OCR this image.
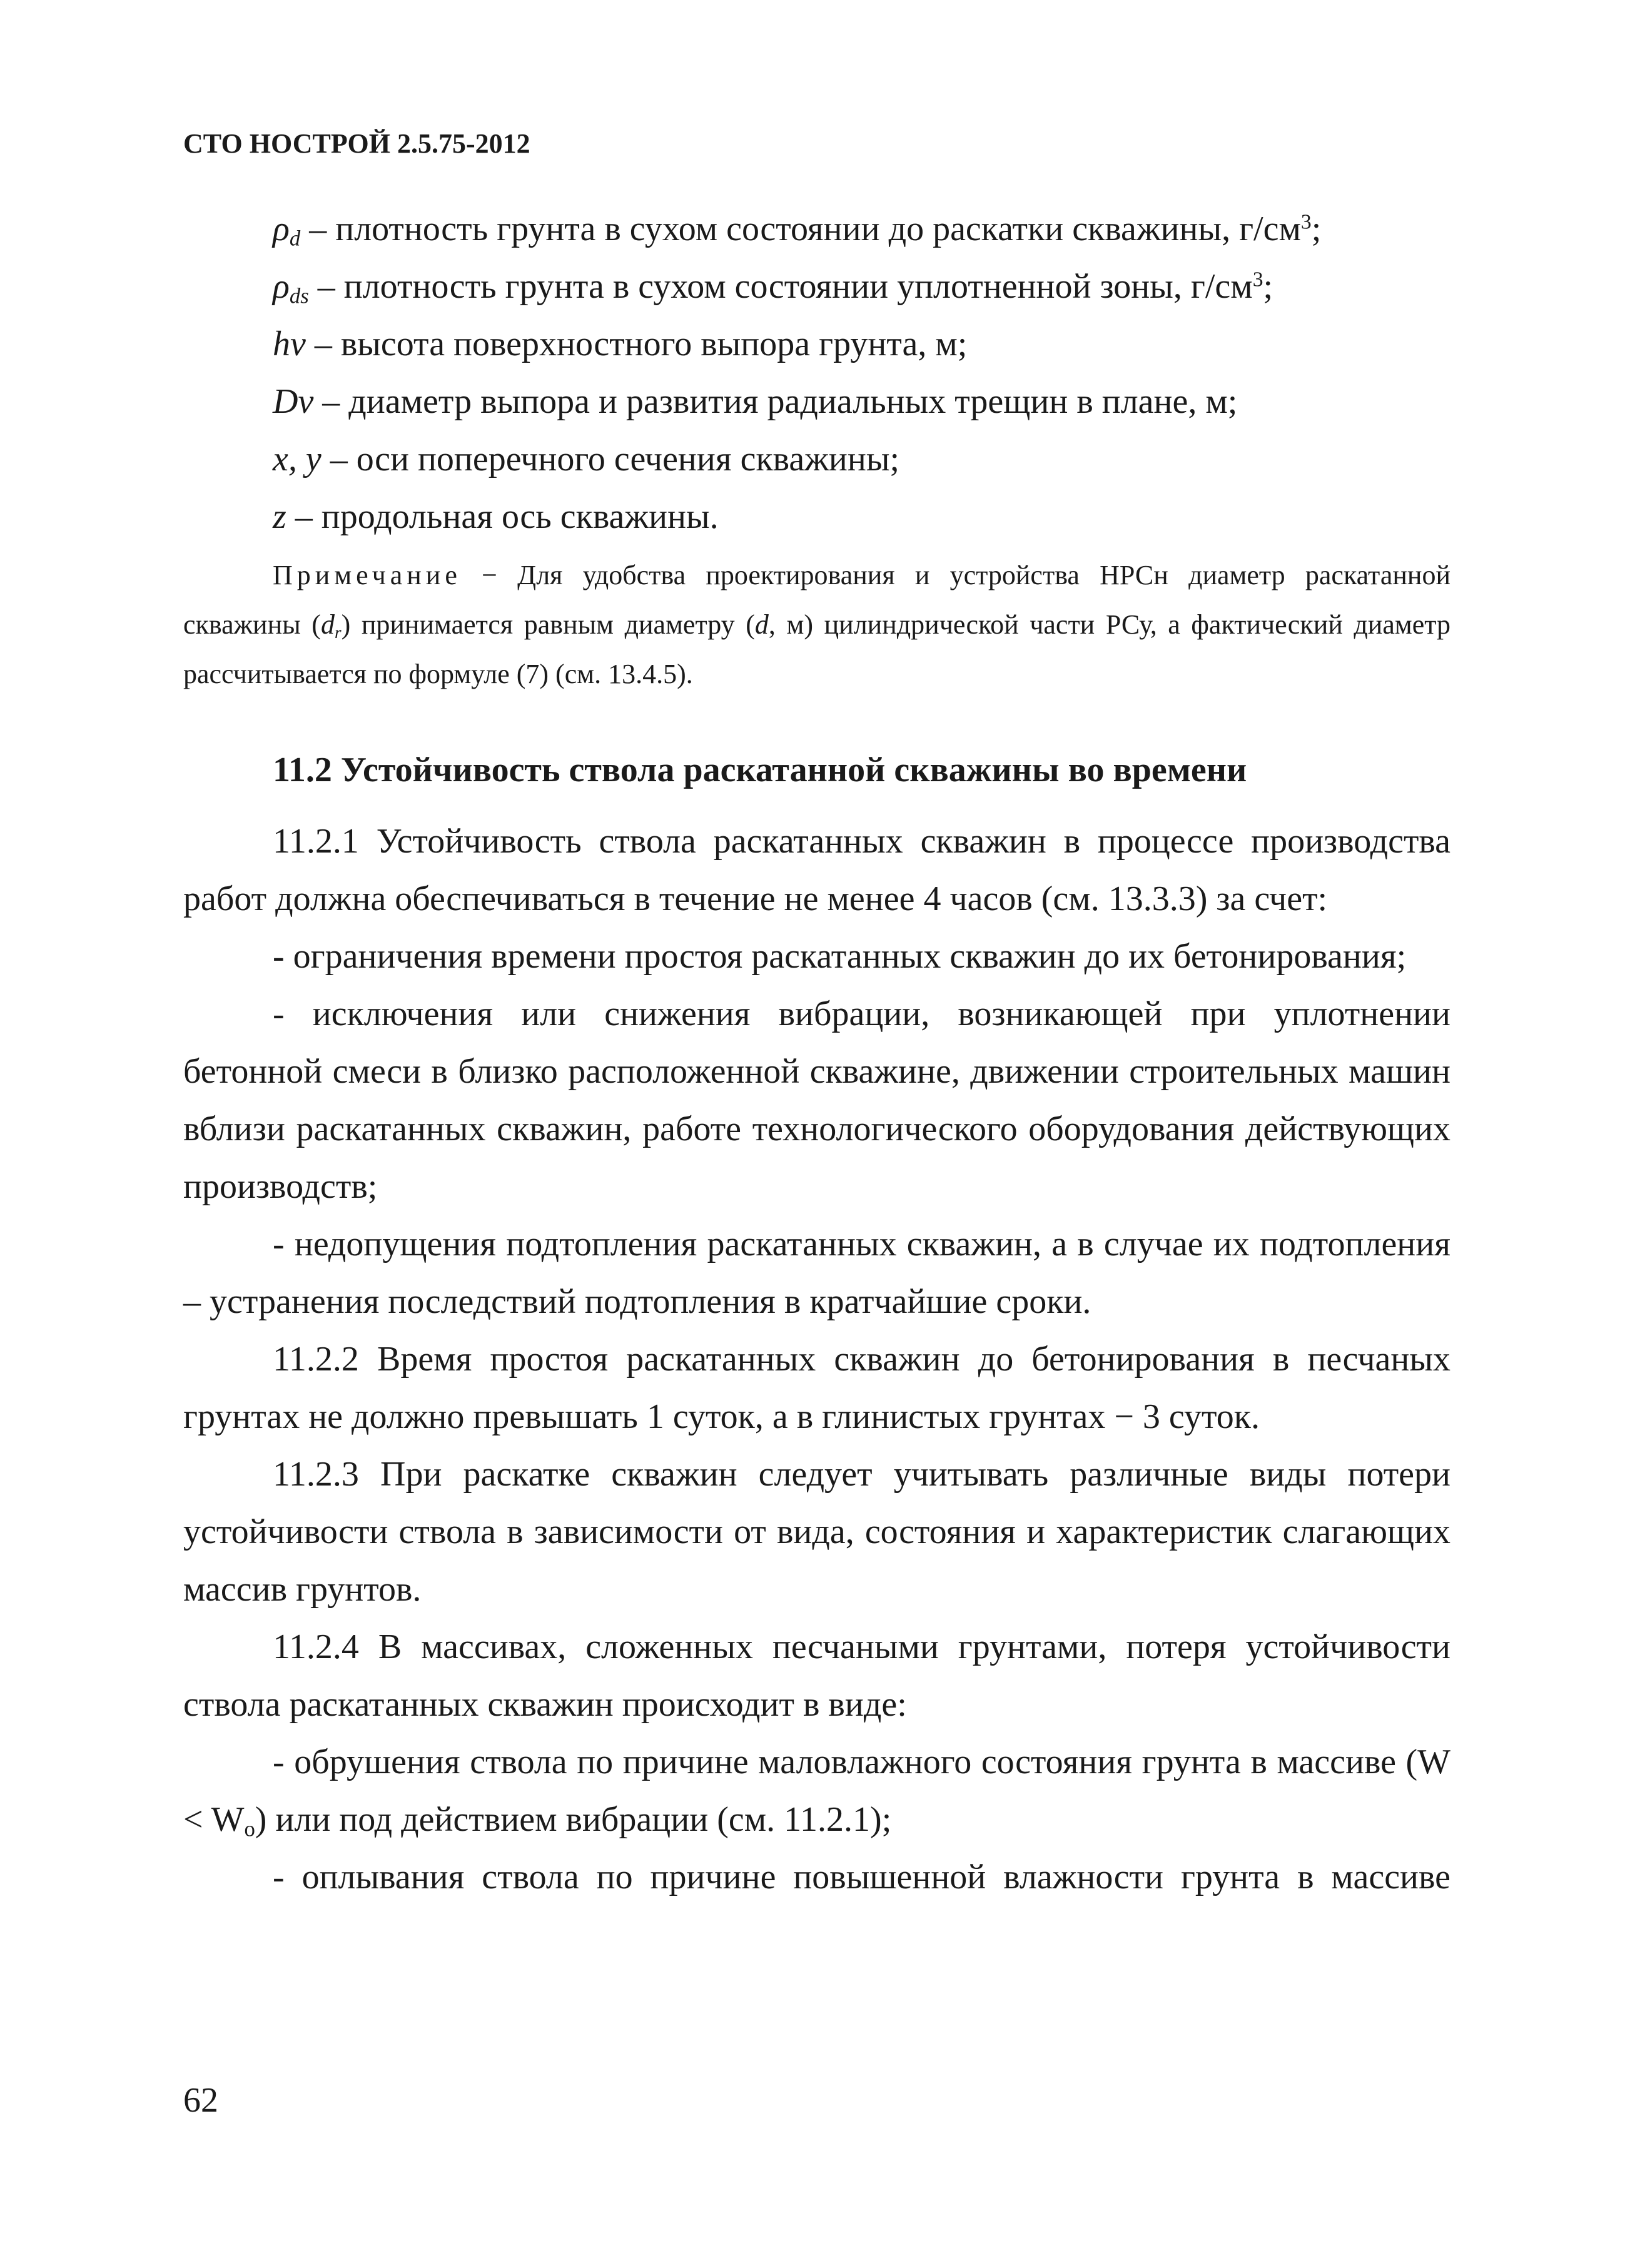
СТО НОСТРОЙ 2.5.75-2012

$\rho_d$ – плотность грунта в сухом состоянии до раскатки скважины, $г/см^3$;

$\rho_{ds}$ – плотность грунта в сухом состоянии уплотненной зоны, $г/см^3$;

hv – высота поверхностного выпора грунта, м;

Dv – диаметр выпора и развития радиальных трещин в плане, м;

x, y – оси поперечного сечения скважины;

z – продольная ось скважины.

Примечание − Для удобства проектирования и устройства НРСн диаметр раскатанной скважины $(d_r)$ принимается равным диаметру (d, м) цилиндрической части РСу, а фактический диаметр рассчитывается по формуле (7) (см. 13.4.5).

11.2 Устойчивость ствола раскатанной скважины во времени

11.2.1 Устойчивость ствола раскатанных скважин в процессе производства работ должна обеспечиваться в течение не менее 4 часов (см. 13.3.3) за счет:

- ограничения времени простоя раскатанных скважин до их бетонирования;

- исключения или снижения вибрации, возникающей при уплотнении бетонной смеси в близко расположенной скважине, движении строительных машин вблизи раскатанных скважин, работе технологического оборудования действующих производств;

- недопущения подтопления раскатанных скважин, а в случае их подтопления – устранения последствий подтопления в кратчайшие сроки.

11.2.2 Время простоя раскатанных скважин до бетонирования в песчаных грунтах не должно превышать 1 суток, а в глинистых грунтах − 3 суток.

11.2.3 При раскатке скважин следует учитывать различные виды потери устойчивости ствола в зависимости от вида, состояния и характеристик слагающих массив грунтов.

11.2.4 В массивах, сложенных песчаными грунтами, потеря устойчивости ствола раскатанных скважин происходит в виде:

- обрушения ствола по причине маловлажного состояния грунта в массиве $(W < W_o)$ или под действием вибрации (см. 11.2.1);

- оплывания ствола по причине повышенной влажности грунта в массиве

62
